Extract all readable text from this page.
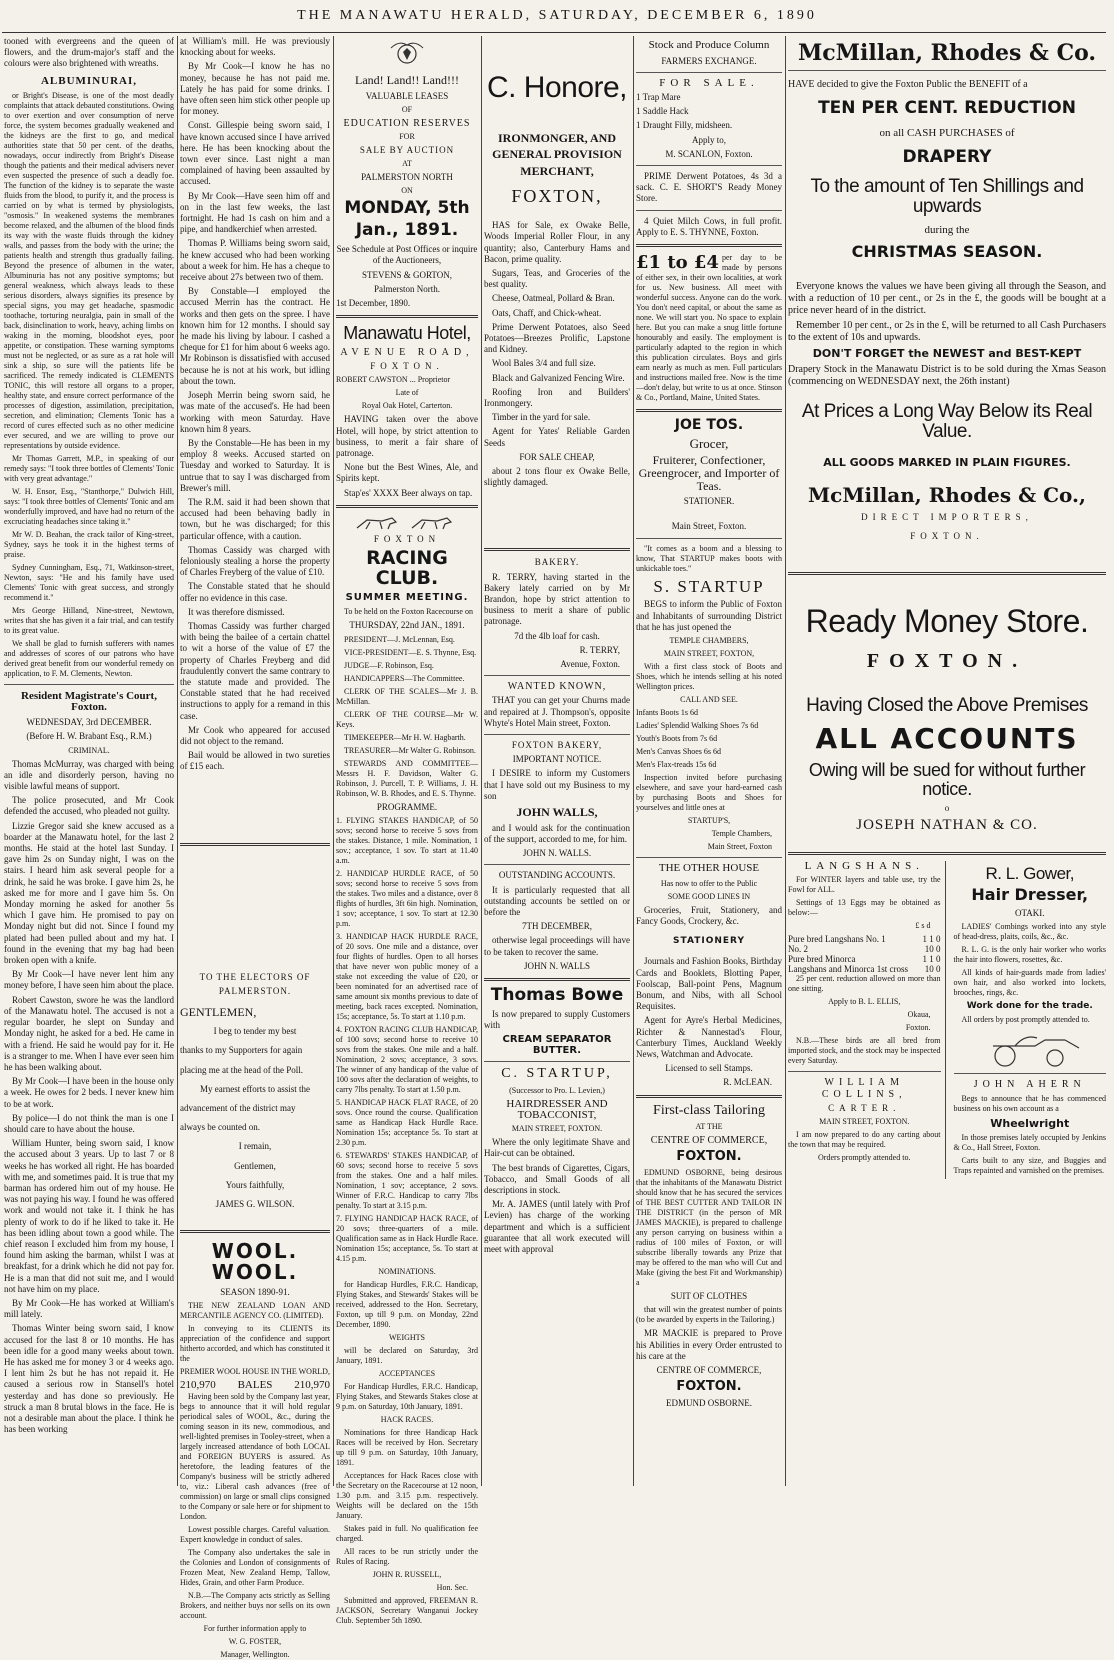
THE MANAWATU HERALD, SATURDAY, DECEMBER 6, 1890

tooned with evergreens and the queen of flowers, and the drum-major's staff and the colours were also brightened with wreaths.

ALBUMINURAI,

or Bright's Disease, is one of the most deadly complaints that attack debauted constitutions. Owing to over exertion and over consumption of nerve force, the system becomes gradually weakened and the kidneys are the first to go, and medical authorities state that 50 per cent. of the deaths, nowadays, occur indirectly from Bright's Disease though the patients and their medical advisers never even suspected the presence of such a deadly foe. The function of the kidney is to separate the waste fluids from the blood, to purify it, and the process is carried on by what is termed by physiologists, "osmosis." In weakened systems the membranes become relaxed, and the albumen of the blood finds its way with the waste fluids through the kidney walls, and passes from the body with the urine; the patients health and strength thus gradually failing. Beyond the presence of albumen in the water, Albuminuria has not any positive symptoms; but general weakness, which always leads to these serious disorders, always signifies its presence by special signs, you may get headache, spasmodic toothache, torturing neuralgia, pain in small of the back, disinclination to work, heavy, aching limbs on waking in the morning, bloodshot eyes, poor appetite, or constipation. These warning symptoms must not be neglected, or as sure as a rat hole will sink a ship, so sure will the patients life be sacrificed. The remedy indicated is CLEMENTS TONIC, this will restore all organs to a proper, healthy state, and ensure correct performance of the processes of digestion, assimilation, precipitation, secretion, and elimination; Clements Tonic has a record of cures effected such as no other medicine ever secured, and we are willing to prove our representations by outside evidence.

Mr Thomas Garrett, M.P., in speaking of our remedy says: "I took three bottles of Clements' Tonic with very great advantage."

W. H. Ensor, Esq., "Stanthorpe," Dulwich Hill, says: "I took three bottles of Clements' Tonic and am wonderfully improved, and have had no return of the excruciating headaches since taking it."

Mr W. D. Beahan, the crack tailor of King-street, Sydney, says he took it in the highest terms of praise.

Sydney Cunningham, Esq., 71, Watkinson-street, Newton, says: "He and his family have used Clements' Tonic with great success, and strongly recommend it."

Mrs George Hilland, Nine-street, Newtown, writes that she has given it a fair trial, and can testify to its great value.

We shall be glad to furnish sufferers with names and addresses of scores of our patrons who have derived great benefit from our wonderful remedy on application, to F. M. Clements, Newton.

Resident Magistrate's Court, Foxton.

WEDNESDAY, 3rd DECEMBER.

(Before H. W. Brabant Esq., R.M.)

CRIMINAL.

Thomas McMurray, was charged with being an idle and disorderly person, having no visible lawful means of support.

The police prosecuted, and Mr Cook defended the accused, who pleaded not guilty.

Lizzie Gregor said she knew accused as a boarder at the Manawatu hotel, for the last 2 months. He staid at the hotel last Sunday. I gave him 2s on Sunday night, I was on the stairs. I heard him ask several people for a drink, he said he was broke. I gave him 2s, he asked me for more and I gave him 5s. On Monday morning he asked for another 5s which I gave him. He promised to pay on Monday night but did not. Since I found my plated had been pulled about and my hat. I found in the evening that my bag had been broken open with a knife.

By Mr Cook—I have never lent him any money before, I have seen him about the place.

Robert Cawston, swore he was the landlord of the Manawatu hotel. The accused is not a regular boarder, he slept on Sunday and Monday night, he asked for a bed. He came in with a friend. He said he would pay for it. He is a stranger to me. When I have ever seen him he has been walking about.

By Mr Cook—I have been in the house only a week. He owes for 2 beds. I never knew him to be at work.

By police—I do not think the man is one I should care to have about the house.

William Hunter, being sworn said, I know the accused about 3 years. Up to last 7 or 8 weeks he has worked all right. He has boarded with me, and sometimes paid. It is true that my barman has ordered him out of my house. He was not paying his way. I found he was offered work and would not take it. I think he has plenty of work to do if he liked to take it. He has been idling about town a good while. The chief reason I excluded him from my house, I found him asking the barman, whilst I was at breakfast, for a drink which he did not pay for. He is a man that did not suit me, and I would not have him on my place.

By Mr Cook—He has worked at William's mill lately.

Thomas Winter being sworn said, I know accused for the last 8 or 10 months. He has been idle for a good many weeks about town. He has asked me for money 3 or 4 weeks ago. I lent him 2s but he has not repaid it. He caused a serious row in Stansell's hotel yesterday and has done so previously. He struck a man 8 brutal blows in the face. He is not a desirable man about the place. I think he has been working

at William's mill. He was previously knocking about for weeks.

By Mr Cook—I know he has no money, because he has not paid me. Lately he has paid for some drinks. I have often seen him stick other people up for money.

Const. Gillespie being sworn said, I have known accused since I have arrived here. He has been knocking about the town ever since. Last night a man complained of having been assaulted by accused.

By Mr Cook—Have seen him off and on in the last few weeks, the last fortnight. He had 1s cash on him and a pipe, and handkerchief when arrested.

Thomas P. Williams being sworn said, he knew accused who had been working about a week for him. He has a cheque to receive about 27s between two of them.

By Constable—I employed the accused Merrin has the contract. He works and then gets on the spree. I have known him for 12 months. I should say he made his living by labour. I cashed a cheque for £1 for him about 6 weeks ago. Mr Robinson is dissatisfied with accused because he is not at his work, but idling about the town.

Joseph Merrin being sworn said, he was mate of the accused's. He had been working with meon Saturday. Have known him 8 years.

By the Constable—He has been in my employ 8 weeks. Accused started on Tuesday and worked to Saturday. It is untrue that to say I was discharged from Brewer's mill.

The R.M. said it had been shown that accused had been behaving badly in town, but he was discharged; for this particular offence, with a caution.

Thomas Cassidy was charged with feloniously stealing a horse the property of Charles Freyberg of the value of £10.

The Constable stated that he should offer no evidence in this case.

It was therefore dismissed.

Thomas Cassidy was further charged with being the bailee of a certain chattel to wit a horse of the value of £7 the property of Charles Freyberg and did fraudulently convert the same contrary to the statute made and provided. The Constable stated that he had received instructions to apply for a remand in this case.

Mr Cook who appeared for accused did not object to the remand.

Bail would be allowed in two sureties of £15 each.

TO THE ELECTORS OF

PALMERSTON.

GENTLEMEN,

I beg to tender my best

thanks to my Supporters for again

placing me at the head of the Poll.

My earnest efforts to assist the

advancement of the district may

always be counted on.

I remain,

Gentlemen,

Yours faithfully,

JAMES G. WILSON.

WOOL. WOOL.

SEASON 1890-91.

THE NEW ZEALAND LOAN AND MERCANTILE AGENCY CO. (LIMITED).

In conveying to its CLIENTS its appreciation of the confidence and support hitherto accorded, and which has constituted it the

PREMIER WOOL HOUSE IN THE WORLD,

210,970 BALES 210,970

Having been sold by the Company last year, begs to announce that it will hold regular periodical sales of WOOL, &c., during the coming season in its new, commodious, and well-lighted premises in Tooley-street, when a largely increased attendance of both LOCAL and FOREIGN BUYERS is assured. As heretofore, the leading features of the Company's business will be strictly adhered to, viz.: Liberal cash advances (free of commission) on large or small clips consigned to the Company or sale here or for shipment to London.

Lowest possible charges. Careful valuation. Expert knowledge in conduct of sales.

The Company also undertakes the sale in the Colonies and London of consignments of Frozen Meat, New Zealand Hemp, Tallow, Hides, Grain, and other Farm Produce.

N.B.—The Company acts strictly as Selling Brokers, and neither buys nor sells on its own account.

For further information apply to

W. G. FOSTER,

Manager, Wellington.

Land! Land!! Land!!!

VALUABLE LEASES

OF

EDUCATION RESERVES

FOR

SALE BY AUCTION

AT

PALMERSTON NORTH

ON

MONDAY, 5th
Jan., 1891.

See Schedule at Post Offices or inquire of the Auctioneers,

STEVENS & GORTON,

Palmerston North.

1st December, 1890.

Manawatu Hotel,

AVENUE ROAD,

FOXTON.

ROBERT CAWSTON ... Proprietor

Late of

Royal Oak Hotel, Carterton.

HAVING taken over the above Hotel, will hope, by strict attention to business, to merit a fair share of patronage.

None but the Best Wines, Ale, and Spirits kept.

Stap'es' XXXX Beer always on tap.

FOXTON

RACING CLUB.
SUMMER MEETING.

To be held on the Foxton Racecourse on

THURSDAY, 22nd JAN., 1891.

PRESIDENT—J. McLennan, Esq.

VICE-PRESIDENT—E. S. Thynne, Esq.

JUDGE—F. Robinson, Esq.

HANDICAPPERS—The Committee.

CLERK OF THE SCALES—Mr J. B. McMillan.

CLERK OF THE COURSE—Mr W. Keys.

TIMEKEEPER—Mr H. W. Hagbarth.

TREASURER—Mr Walter G. Robinson.

STEWARDS AND COMMITTEE—Messrs H. F. Davidson, Walter G. Robinson, J. Purcell, T. P. Williams, J. H. Robinson, W. B. Rhodes, and E. S. Thynne.

PROGRAMME.

1. FLYING STAKES HANDICAP, of 50 sovs; second horse to receive 5 sovs from the stakes. Distance, 1 mile. Nomination, 1 sov.; acceptance, 1 sov. To start at 11.40 a.m.

2. HANDICAP HURDLE RACE, of 50 sovs; second horse to receive 5 sovs from the stakes. Two miles and a distance, over 8 flights of hurdles, 3ft 6in high. Nomination, 1 sov; acceptance, 1 sov. To start at 12.30 p.m.

3. HANDICAP HACK HURDLE RACE, of 20 sovs. One mile and a distance, over four flights of hurdles. Open to all horses that have never won public money of a stake not exceeding the value of £20, or been nominated for an advertised race of same amount six months previous to date of meeting, back races excepted. Nomination, 15s; acceptance, 5s. To start at 1.10 p.m.

4. FOXTON RACING CLUB HANDICAP, of 100 sovs; second horse to receive 10 sovs from the stakes. One mile and a half. Nomination, 2 sovs; acceptance, 3 sovs. The winner of any handicap of the value of 100 sovs after the declaration of weights, to carry 7lbs penalty. To start at 1.50 p.m.

5. HANDICAP HACK FLAT RACE, of 20 sovs. Once round the course. Qualification same as Handicap Hack Hurdle Race. Nomination 15s; acceptance 5s. To start at 2.30 p.m.

6. STEWARDS' STAKES HANDICAP, of 60 sovs; second horse to receive 5 sovs from the stakes. One and a half miles. Nomination, 1 sov; acceptance, 2 sovs. Winner of F.R.C. Handicap to carry 7lbs penalty. To start at 3.15 p.m.

7. FLYING HANDICAP HACK RACE, of 20 sovs; three-quarters of a mile. Qualification same as in Hack Hurdle Race. Nomination 15s; acceptance, 5s. To start at 4.15 p.m.

NOMINATIONS.

for Handicap Hurdles, F.R.C. Handicap, Flying Stakes, and Stewards' Stakes will be received, addressed to the Hon. Secretary, Foxton, up till 9 p.m. on Monday, 22nd December, 1890.

WEIGHTS

will be declared on Saturday, 3rd January, 1891.

ACCEPTANCES

For Handicap Hurdles, F.R.C. Handicap, Flying Stakes, and Stewards Stakes close at 9 p.m. on Saturday, 10th January, 1891.

HACK RACES.

Nominations for three Handicap Hack Races will be received by Hon. Secretary up till 9 p.m. on Saturday, 10th January, 1891.

Acceptances for Hack Races close with the Secretary on the Racecourse at 12 noon, 1.30 p.m. and 3.15 p.m. respectively. Weights will be declared on the 15th January.

Stakes paid in full. No qualification fee charged.

All races to be run strictly under the Rules of Racing.

JOHN R. RUSSELL,

Hon. Sec.

Submitted and approved, FREEMAN R. JACKSON, Secretary Wanganui Jockey Club. September 5th 1890.

C. Honore,
IRONMONGER, AND
GENERAL PROVISION
MERCHANT,
FOXTON,

HAS for Sale, ex Owake Belle, Woods Imperial Roller Flour, in any quantity; also, Canterbury Hams and Bacon, prime quality.

Sugars, Teas, and Groceries of the best quality.

Cheese, Oatmeal, Pollard & Bran.

Oats, Chaff, and Chick-wheat.

Prime Derwent Potatoes, also Seed Potatoes—Breezes Prolific, Lapstone and Kidney.

Wool Bales 3/4 and full size.

Black and Galvanized Fencing Wire.

Roofing Iron and Builders' Ironmongery.

Timber in the yard for sale.

Agent for Yates' Reliable Garden Seeds

FOR SALE CHEAP,

about 2 tons flour ex Owake Belle, slightly damaged.

BAKERY.

R. TERRY, having started in the Bakery lately carried on by Mr Brandon, hope by strict attention to business to merit a share of public patronage.

7d the 4lb loaf for cash.

R. TERRY,

Avenue, Foxton.

WANTED KNOWN,

THAT you can get your Churns made and repaired at J. Thompson's, opposite Whyte's Hotel Main street, Foxton.

FOXTON BAKERY,

IMPORTANT NOTICE.

I DESIRE to inform my Customers that I have sold out my Business to my son

JOHN WALLS,

and I would ask for the continuation of the support, accorded to me, for him.

JOHN N. WALLS.

OUTSTANDING ACCOUNTS.

It is particularly requested that all outstanding accounts be settled on or before the

7TH DECEMBER,

otherwise legal proceedings will have to be taken to recover the same.

JOHN N. WALLS

Thomas Bowe

Is now prepared to supply Customers with

CREAM SEPARATOR BUTTER.
C. STARTUP,

(Successor to Pro. L. Levien,)

HAIRDRESSER AND TOBACCONIST,

MAIN STREET, FOXTON.

Where the only legitimate Shave and Hair-cut can be obtained.

The best brands of Cigarettes, Cigars, Tobacco, and Small Goods of all descriptions in stock.

Mr. A. JAMES (until lately with Prof Levien) has charge of the working department and which is a sufficient guarantee that all work executed will meet with approval

Stock and Produce Column

FARMERS EXCHANGE.

FOR SALE.

1 Trap Mare

1 Saddle Hack

1 Draught Filly, midsheen.

Apply to,

M. SCANLON, Foxton.

PRIME Derwent Potatoes, 4s 3d a sack. C. E. SHORT'S Ready Money Store.

4 Quiet Milch Cows, in full profit. Apply to E. S. THYNNE, Foxton.

£1 to £4 per day to be made by persons of either sex, in their own localities, at work for us. New business. All meet with wonderful success. Anyone can do the work. You don't need capital, or about the same as none. We will start you. No space to explain here. But you can make a snug little fortune honourably and easily. The employment is particularly adapted to the region in which this publication circulates. Boys and girls earn nearly as much as men. Full particulars and instructions mailed free. Now is the time—don't delay, but write to us at once. Stinson & Co., Portland, Maine, United States.

JOE TOS.
Grocer,
Fruiterer, Confectioner, Greengrocer, and Importer of Teas.

STATIONER.

Main Street, Foxton.

"It comes as a boom and a blessing to know, That STARTUP makes boots with unkickable toes."

S. STARTUP

BEGS to inform the Public of Foxton and Inhabitants of surrounding District that he has just opened the

TEMPLE CHAMBERS,

MAIN STREET, FOXTON,

With a first class stock of Boots and Shoes, which he intends selling at his noted Wellington prices.

CALL AND SEE.

Infants Boots 1s 6d

Ladies' Splendid Walking Shoes 7s 6d

Youth's Boots from 7s 6d

Men's Canvas Shoes 6s 6d

Men's Flax-treads 15s 6d

Inspection invited before purchasing elsewhere, and save your hard-earned cash by purchasing Boots and Shoes for yourselves and little ones at

STARTUP'S,

Temple Chambers,

Main Street, Foxton

THE OTHER HOUSE

Has now to offer to the Public

SOME GOOD LINES IN

Groceries, Fruit, Stationery, and Fancy Goods, Crockery, &c.

STATIONERY

Journals and Fashion Books, Birthday Cards and Booklets, Blotting Paper, Foolscap, Ball-point Pens, Magnum Bonum, and Nibs, with all School Requisites.

Agent for Ayre's Herbal Medicines, Richter & Nannestad's Flour, Canterbury Times, Auckland Weekly News, Watchman and Advocate.

Licensed to sell Stamps.

R. McLEAN.

First-class Tailoring

AT THE

CENTRE OF COMMERCE,

FOXTON.

EDMUND OSBORNE, being desirous that the inhabitants of the Manawatu District should know that he has secured the services of THE BEST CUTTER AND TAILOR IN THE DISTRICT (in the person of MR JAMES MACKIE), is prepared to challenge any person carrying on business within a radius of 100 miles of Foxton, or will subscribe liberally towards any Prize that may be offered to the man who will Cut and Make (giving the best Fit and Workmanship) a

SUIT OF CLOTHES

that will win the greatest number of points (to be awarded by experts in the Tailoring.)

MR MACKIE is prepared to Prove his Abilities in every Order entrusted to his care at the

CENTRE OF COMMERCE,

FOXTON.

EDMUND OSBORNE.

McMillan, Rhodes & Co.

HAVE decided to give the Foxton Public the BENEFIT of a

TEN PER CENT. REDUCTION

on all CASH PURCHASES of

DRAPERY
To the amount of Ten Shillings and upwards

during the

CHRISTMAS SEASON.

Everyone knows the values we have been giving all through the Season, and with a reduction of 10 per cent., or 2s in the £, the goods will be bought at a price never heard of in the district.

Remember 10 per cent., or 2s in the £, will be returned to all Cash Purchasers to the extent of 10s and upwards.

DON'T FORGET the NEWEST and BEST-KEPT

Drapery Stock in the Manawatu District is to be sold during the Xmas Season (commencing on WEDNESDAY next, the 26th instant)

At Prices a Long Way Below its Real Value.
ALL GOODS MARKED IN PLAIN FIGURES.
McMillan, Rhodes & Co.,

DIRECT IMPORTERS,

FOXTON.

Ready Money Store.
FOXTON.
Having Closed the Above Premises
ALL ACCOUNTS
Owing will be sued for without further notice.

o

JOSEPH NATHAN & CO.

LANGSHANS.

For WINTER layers and table use, try the Fowl for ALL.

Settings of 13 Eggs may be obtained as below:—

£ s d

Pure bred Langshans No. 1	1 1 0
No. 2	10 0
Pure bred Minorca	1 1 0
Langshans and Minorca 1st cross 10 0

25 per cent. reduction allowed on more than one sitting.

Apply to B. L. ELLIS,

Okaua,

Foxton.

N.B.—These birds are all bred from imported stock, and the stock may be inspected every Saturday.

WILLIAM COLLINS,

CARTER.

MAIN STREET, FOXTON.

I am now prepared to do any carting about the town that may be required.

Orders promptly attended to.

R. L. Gower,
Hair Dresser,

OTAKI.

LADIES' Combings worked into any style of head-dress, plaits, coils, &c., &c.

R. L. G. is the only hair worker who works the hair into flowers, rosettes, &c.

All kinds of hair-guards made from ladies' own hair, and also worked into lockets, brooches, rings, &c.

Work done for the trade.

All orders by post promptly attended to.

JOHN AHERN

Begs to announce that he has commenced business on his own account as a

Wheelwright

In those premises lately occupied by Jenkins & Co., Hall Street, Foxton.

Carts built to any size, and Buggies and Traps repainted and varnished on the premises.
